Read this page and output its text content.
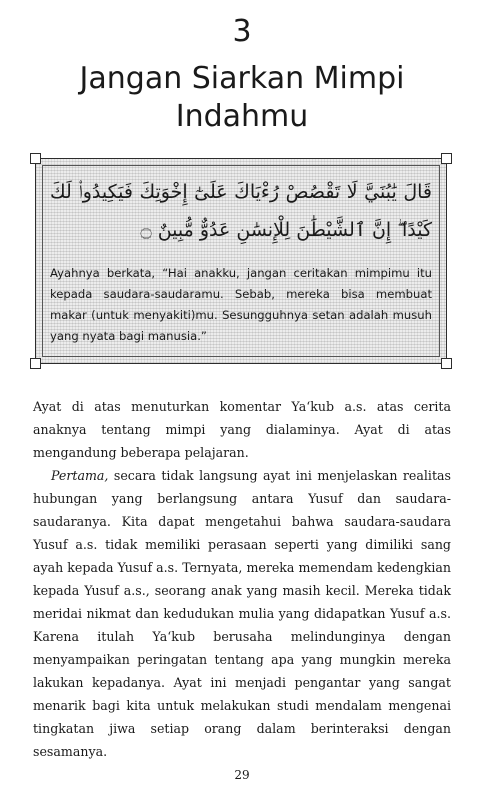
3
Jangan Siarkan Mimpi
Indahmu
قَالَ يَٰبُنَيَّ لَا تَقْصُصْ رُءْيَاكَ عَلَىٰٓ إِخْوَتِكَ فَيَكِيدُوا۟ لَكَ كَيْدًا ۖ إِنَّ ٱلشَّيْطَٰنَ لِلْإِنسَٰنِ عَدُوٌّ مُّبِينٌ ۝
Ayahnya berkata, “Hai anakku, jangan ceritakan mimpimu itu kepada saudara-saudaramu. Sebab, mereka bisa membuat makar (untuk menyakiti)mu. Sesungguhnya setan adalah musuh yang nyata bagi manusia.”

Ayat di atas menuturkan komentar Ya‘kub a.s. atas cerita anaknya tentang mimpi yang dialaminya. Ayat di atas mengandung beberapa pelajaran.

Pertama, secara tidak langsung ayat ini menjelaskan realitas hubungan yang berlangsung antara Yusuf dan saudara-saudaranya. Kita dapat mengetahui bahwa saudara-saudara Yusuf a.s. tidak memiliki perasaan seperti yang dimiliki sang ayah kepada Yusuf a.s. Ternyata, mereka memendam kedengkian kepada Yusuf a.s., seorang anak yang masih kecil. Mereka tidak meridai nikmat dan kedudukan mulia yang didapatkan Yusuf a.s. Karena itulah Ya‘kub berusaha melindunginya dengan menyampaikan peringatan tentang apa yang mungkin mereka lakukan kepadanya. Ayat ini menjadi pengantar yang sangat menarik bagi kita untuk melakukan studi mendalam mengenai tingkatan jiwa setiap orang dalam berinteraksi dengan sesamanya.

29
